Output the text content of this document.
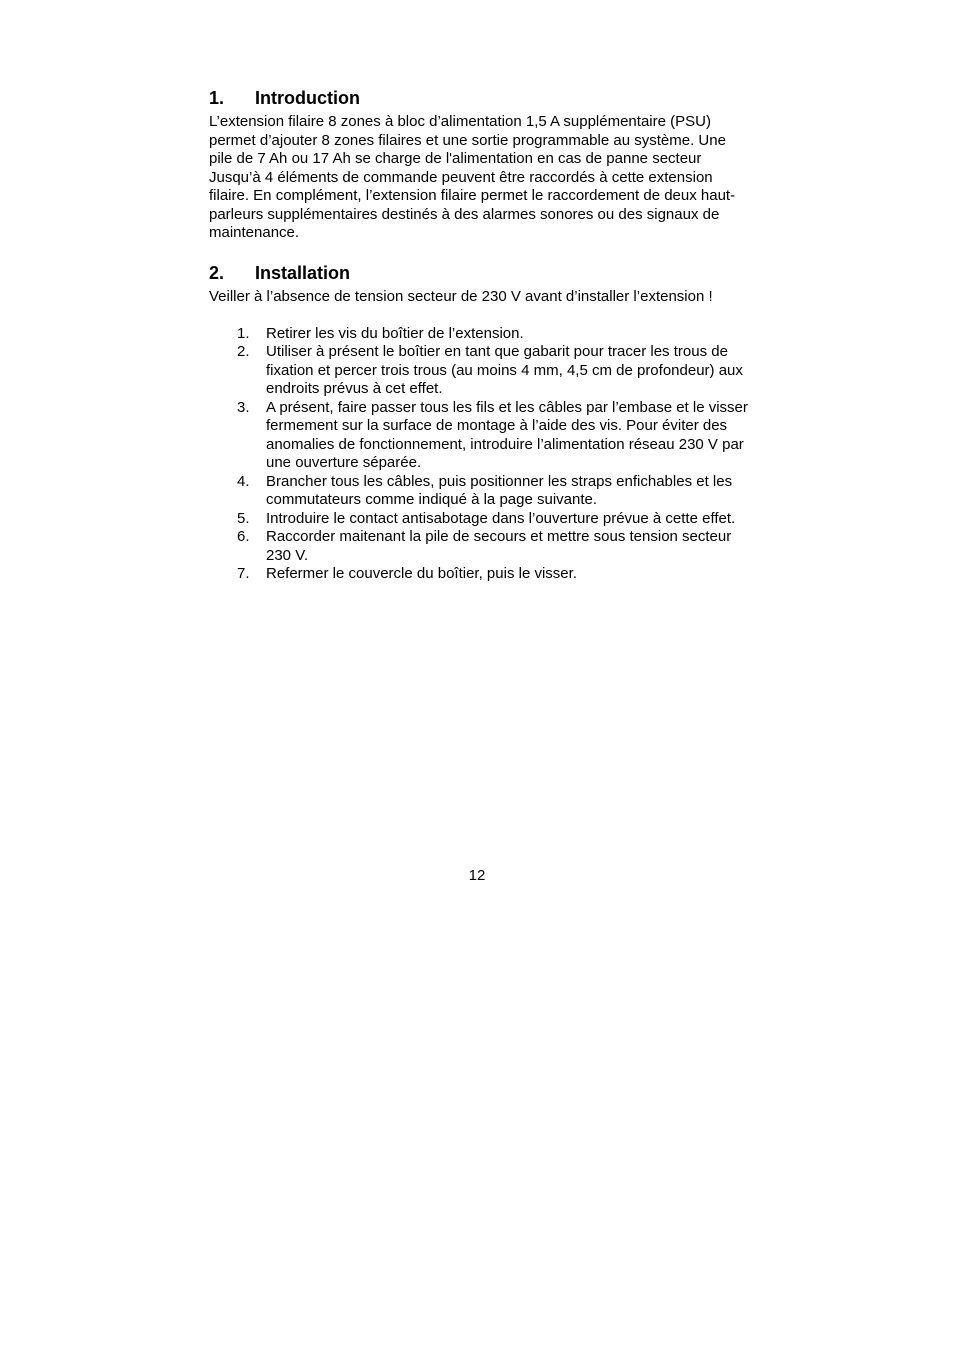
1.	Introduction

L’extension filaire 8 zones à bloc d’alimentation 1,5 A supplémentaire (PSU) permet d’ajouter 8 zones filaires et une sortie programmable au système. Une pile de 7 Ah ou 17 Ah se charge de l'alimentation en cas de panne secteur Jusqu’à 4 éléments de commande peuvent être raccordés à cette extension filaire. En complément, l’extension filaire permet le raccordement de deux haut-parleurs supplémentaires destinés à des alarmes sonores ou des signaux de maintenance.

2.	Installation

Veiller à l’absence de tension secteur de 230 V avant d’installer l’extension !

1.	Retirer les vis du boîtier de l’extension.
2.	Utiliser à présent le boîtier en tant que gabarit pour tracer les trous de fixation et percer trois trous (au moins 4 mm, 4,5 cm de profondeur) aux endroits prévus à cet effet.
3.	A présent, faire passer tous les fils et les câbles par l’embase et le visser fermement sur la surface de montage à l’aide des vis. Pour éviter des anomalies de fonctionnement, introduire l’alimentation réseau 230 V par une ouverture séparée.
4.	Brancher tous les câbles, puis positionner les straps enfichables et les commutateurs comme indiqué à la page suivante.
5.	Introduire le contact antisabotage dans l’ouverture prévue à cette effet.
6.	Raccorder maitenant la pile de secours et mettre sous tension secteur 230 V.
7.	Refermer le couvercle du boîtier, puis le visser.
12
